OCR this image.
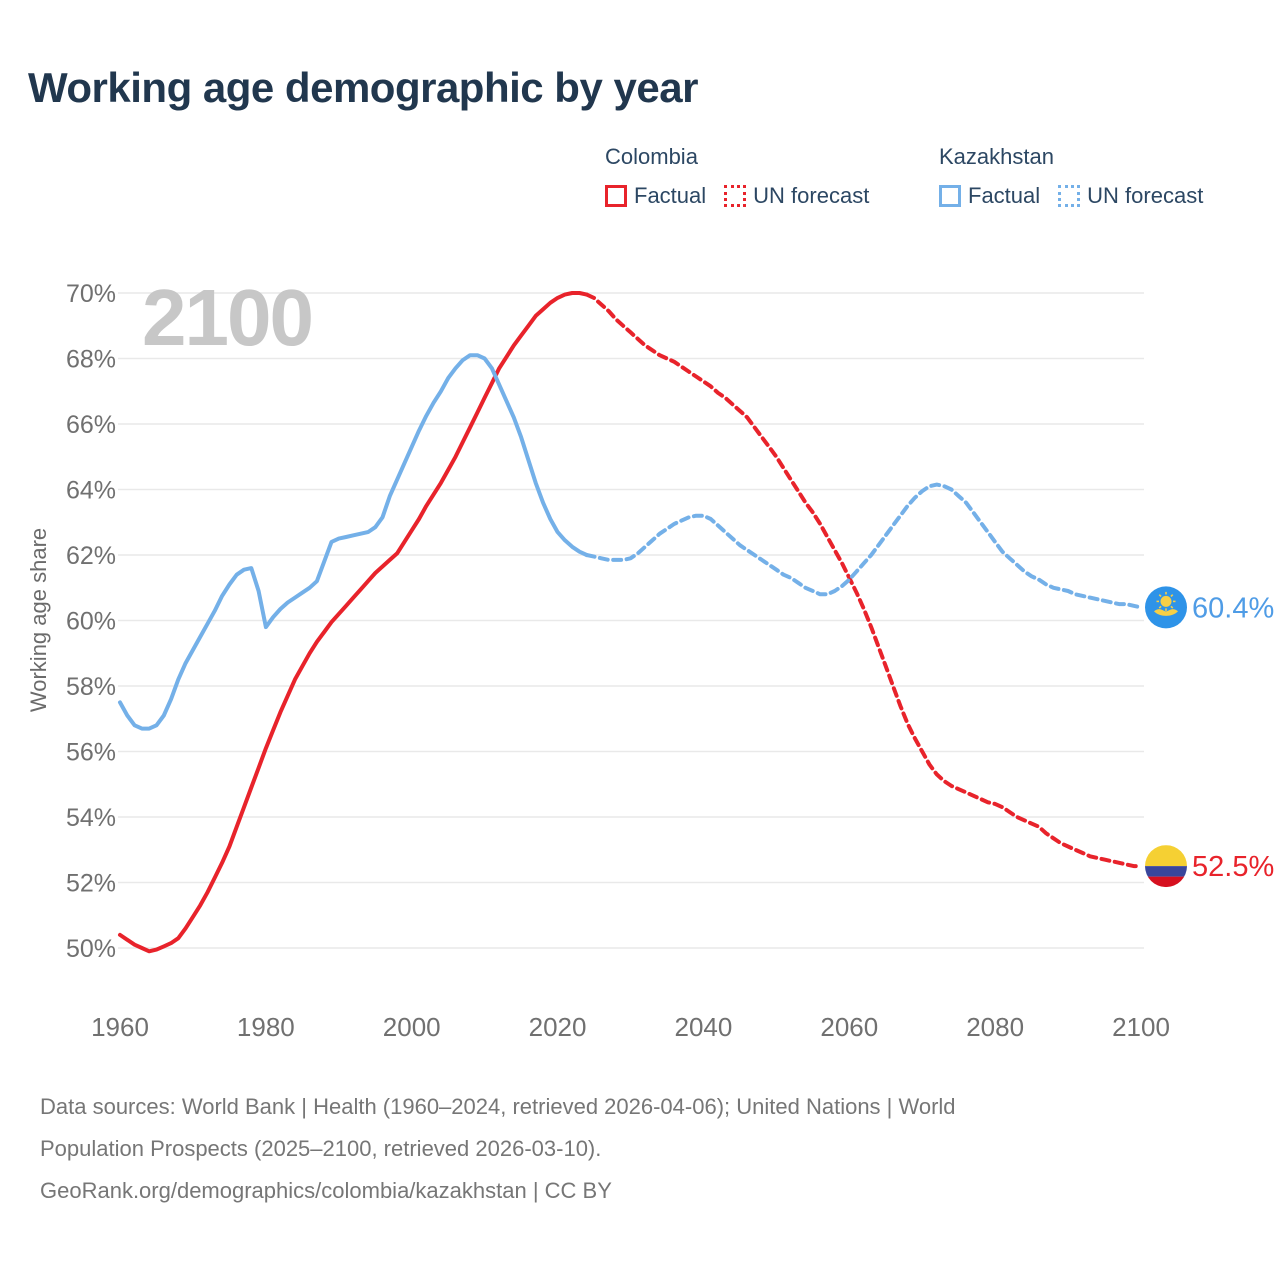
70%
68%
66%
64%
62%
60%
58%
56%
54%
52%
50%
2100
1960	1980	2000	2020	2040	2060	2080	2100
Working age share	60.4%
52.5%
Working age demographic by year
Colombia
Factual UN forecast
Kazakhstan
Factual UN forecast
Data sources: World Bank | Health (1960–2024, retrieved 2026-04-06); United Nations | World
Population Prospects (2025–2100, retrieved 2026-03-10).
GeoRank.org/demographics/colombia/kazakhstan | CC BY
